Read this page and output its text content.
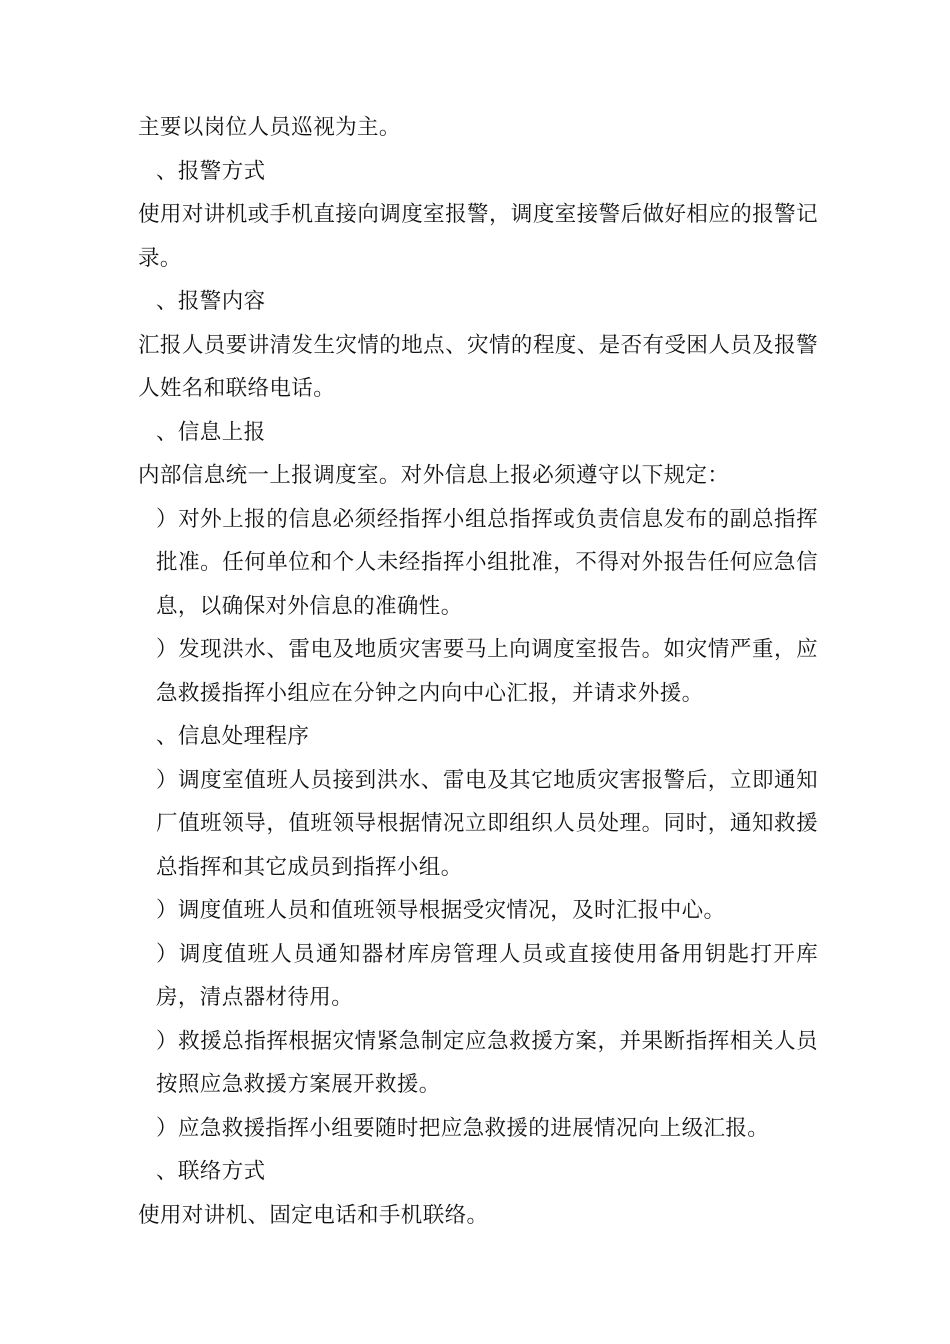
主要以岗位人员巡视为主。

、报警方式

使用对讲机或手机直接向调度室报警，调度室接警后做好相应的报警记录。

、报警内容

汇报人员要讲清发生灾情的地点、灾情的程度、是否有受困人员及报警人姓名和联络电话。

、信息上报

内部信息统一上报调度室。对外信息上报必须遵守以下规定：

）对外上报的信息必须经指挥小组总指挥或负责信息发布的副总指挥批准。任何单位和个人未经指挥小组批准，不得对外报告任何应急信息，以确保对外信息的准确性。

）发现洪水、雷电及地质灾害要马上向调度室报告。如灾情严重，应急救援指挥小组应在分钟之内向中心汇报，并请求外援。

、信息处理程序

）调度室值班人员接到洪水、雷电及其它地质灾害报警后，立即通知厂值班领导，值班领导根据情况立即组织人员处理。同时，通知救援总指挥和其它成员到指挥小组。

）调度值班人员和值班领导根据受灾情况，及时汇报中心。

）调度值班人员通知器材库房管理人员或直接使用备用钥匙打开库房，清点器材待用。

）救援总指挥根据灾情紧急制定应急救援方案，并果断指挥相关人员按照应急救援方案展开救援。

）应急救援指挥小组要随时把应急救援的进展情况向上级汇报。

、联络方式

使用对讲机、固定电话和手机联络。
